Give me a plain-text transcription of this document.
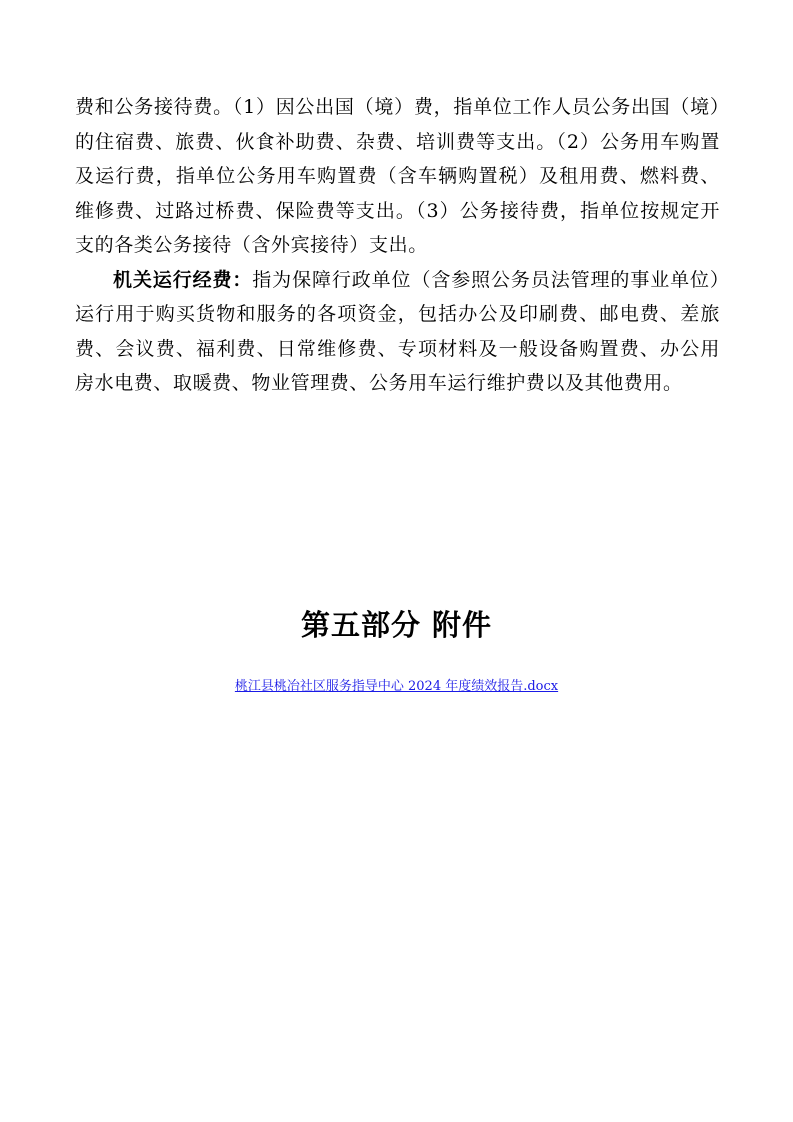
费和公务接待费。（1）因公出国（境）费，指单位工作人员公务出国（境）的住宿费、旅费、伙食补助费、杂费、培训费等支出。（2）公务用车购置及运行费，指单位公务用车购置费（含车辆购置税）及租用费、燃料费、维修费、过路过桥费、保险费等支出。（3）公务接待费，指单位按规定开支的各类公务接待（含外宾接待）支出。

机关运行经费：指为保障行政单位（含参照公务员法管理的事业单位）运行用于购买货物和服务的各项资金，包括办公及印刷费、邮电费、差旅费、会议费、福利费、日常维修费、专项材料及一般设备购置费、办公用房水电费、取暖费、物业管理费、公务用车运行维护费以及其他费用。

第五部分 附件

桃江县桃冶社区服务指导中心 2024 年度绩效报告.docx
